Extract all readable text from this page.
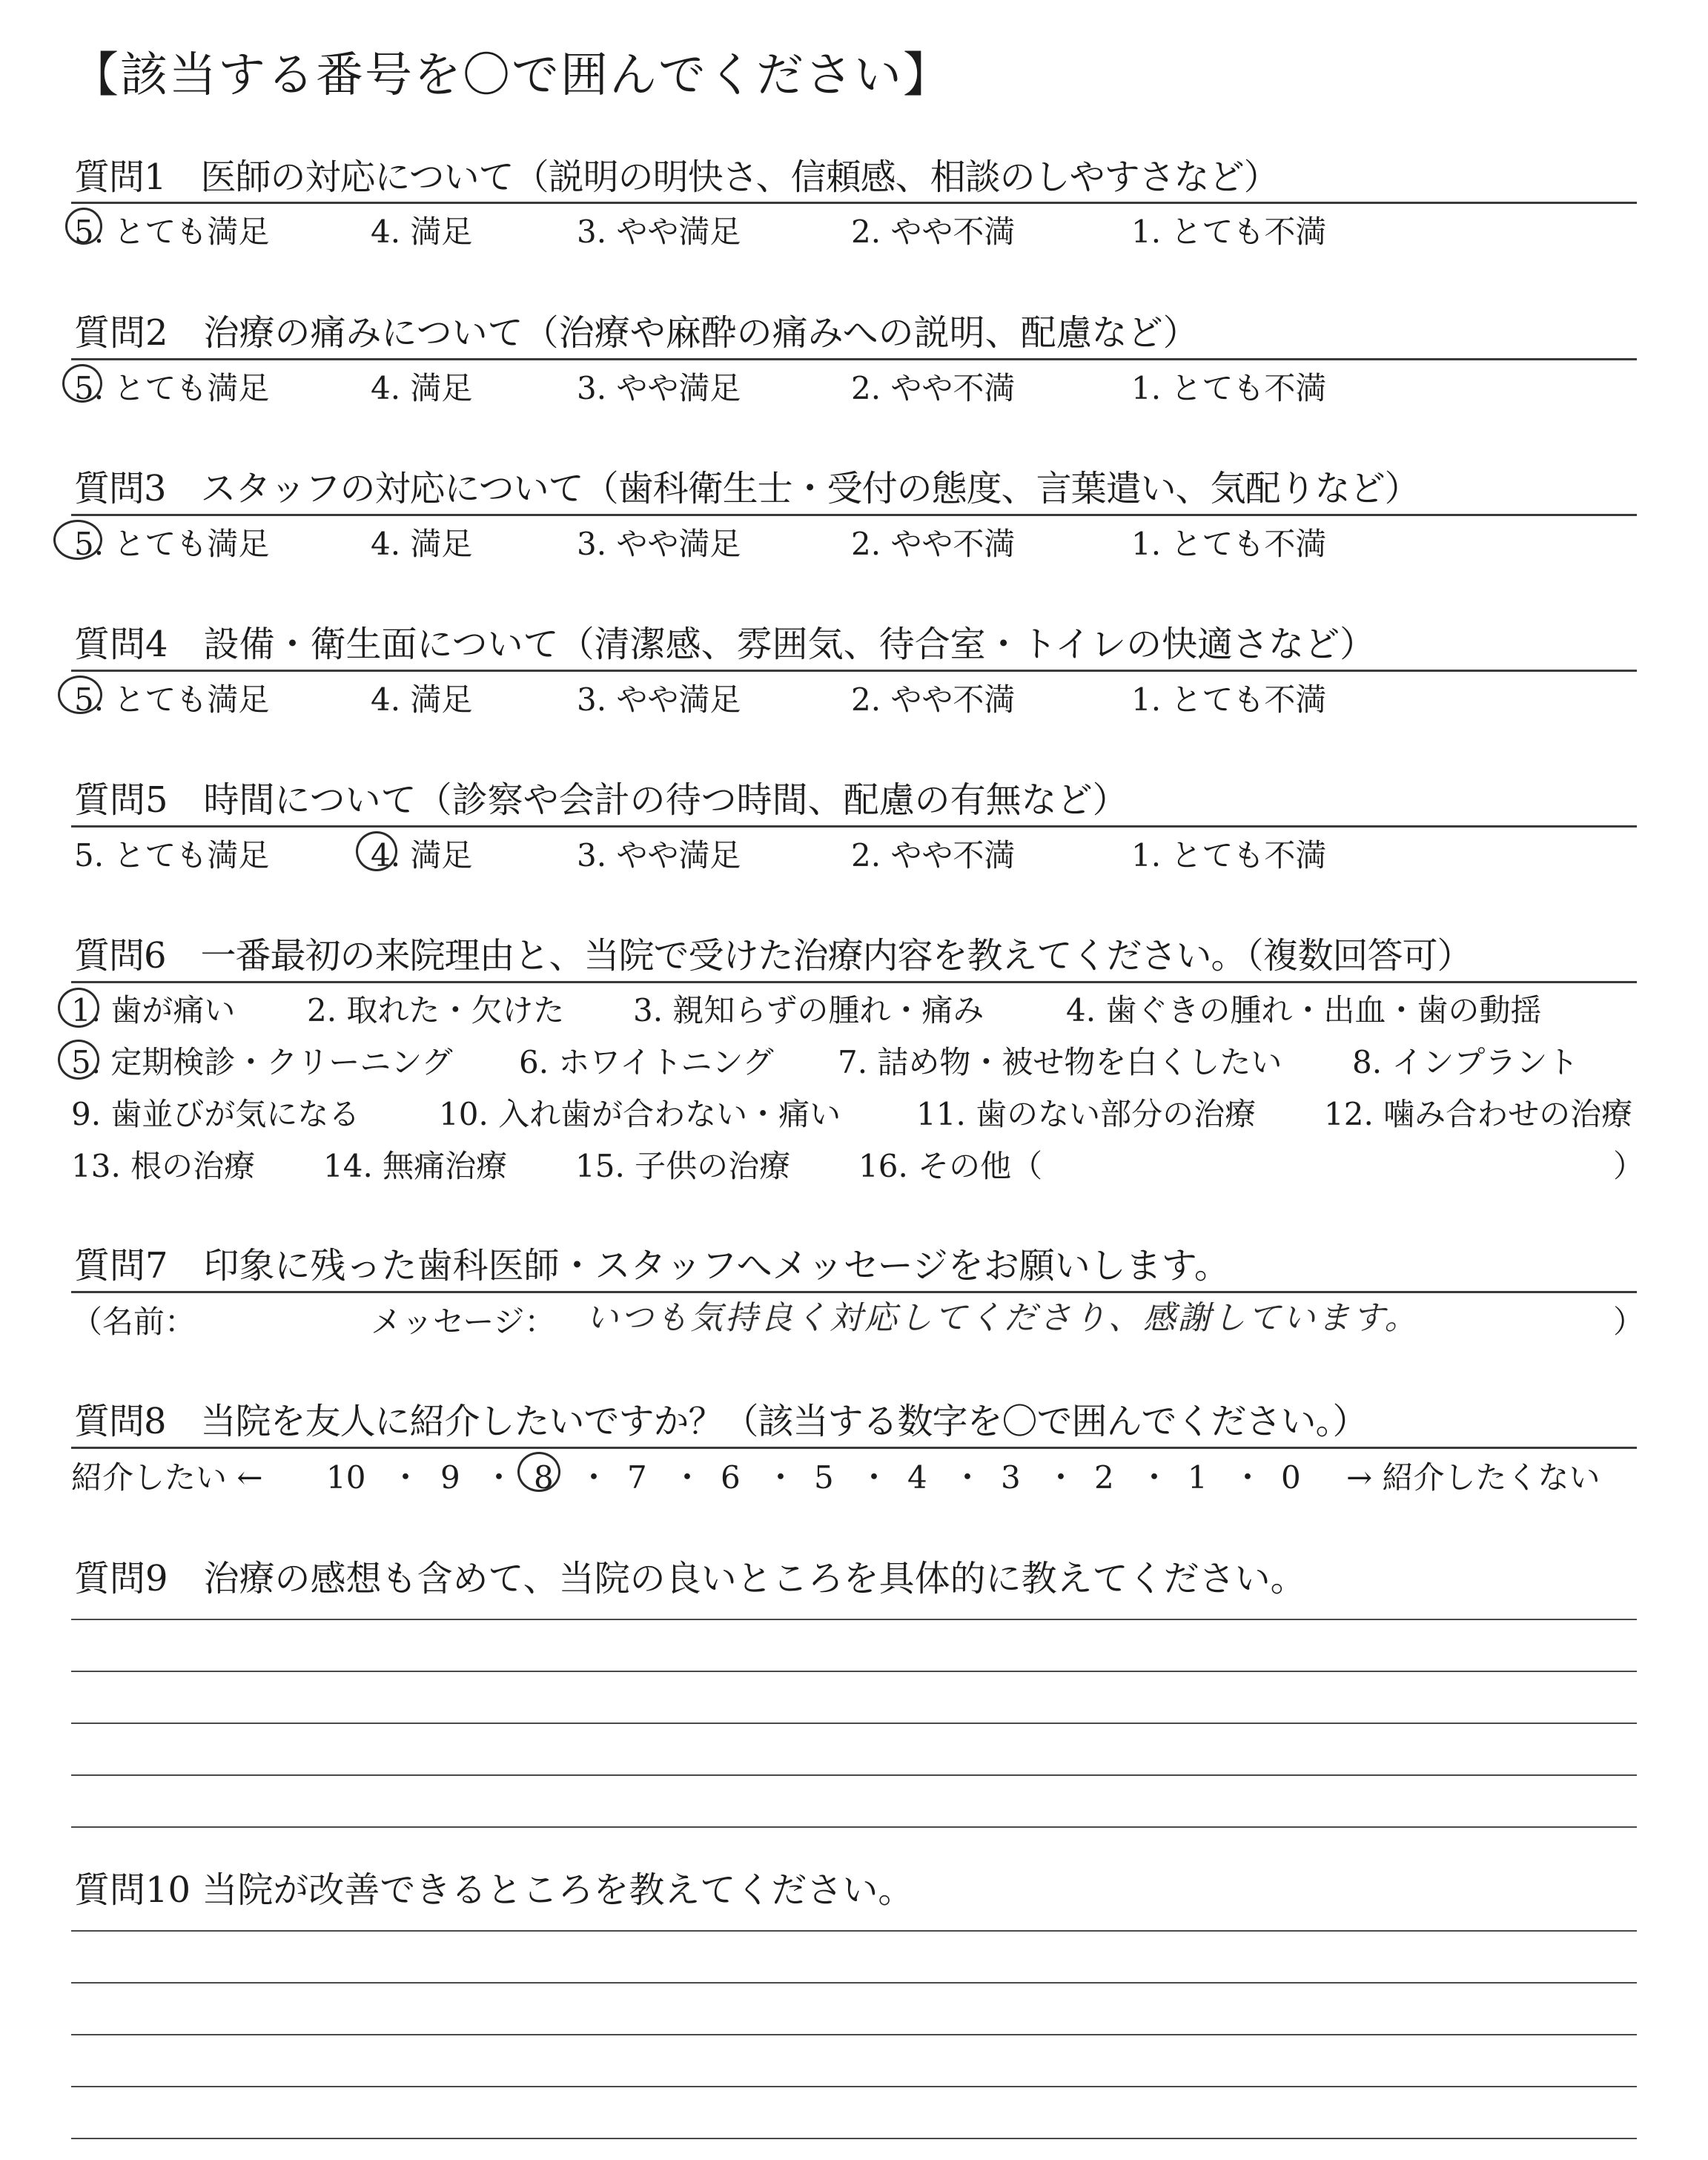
【該当する番号を〇で囲んでください】
質問1　医師の対応について（説明の明快さ、信頼感、相談のしやすさなど）
5. とても満足	4. 満足	3. やや満足	2. やや不満	1. とても不満
質問2　治療の痛みについて（治療や麻酔の痛みへの説明、配慮など）
5. とても満足	4. 満足	3. やや満足	2. やや不満	1. とても不満
質問3　スタッフの対応について（歯科衛生士・受付の態度、言葉遣い、気配りなど）
5. とても満足	4. 満足	3. やや満足	2. やや不満	1. とても不満
質問4　設備・衛生面について（清潔感、雰囲気、待合室・トイレの快適さなど）
5. とても満足	4. 満足	3. やや満足	2. やや不満	1. とても不満
質問5　時間について（診察や会計の待つ時間、配慮の有無など）
5. とても満足	4. 満足	3. やや満足	2. やや不満	1. とても不満
質問6　一番最初の来院理由と、当院で受けた治療内容を教えてください。（複数回答可）
1. 歯が痛い 2. 取れた・欠けた 3. 親知らずの腫れ・痛み	4. 歯ぐきの腫れ・出血・歯の動揺
5. 定期検診・クリーニング 6. ホワイトニング 7. 詰め物・被せ物を白くしたい 8. インプラント
9. 歯並びが気になる	10. 入れ歯が合わない・痛い 11. 歯のない部分の治療 12. 噛み合わせの治療
13. 根の治療 14. 無痛治療 15. 子供の治療 16. その他（	）
質問7　印象に残った歯科医師・スタッフへメッセージをお願いします。
（名前：	メッセージ： いつも気持良く対応してくださり、感謝しています。	）
質問8　当院を友人に紹介したいですか？（該当する数字を〇で囲んでください。）
紹介したい ← 10 ・ 9 ・ 8 ・ 7 ・ 6 ・ 5 ・ 4 ・ 3 ・ 2 ・ 1 ・ 0 → 紹介したくない
質問9　治療の感想も含めて、当院の良いところを具体的に教えてください。
質問10 当院が改善できるところを教えてください。
